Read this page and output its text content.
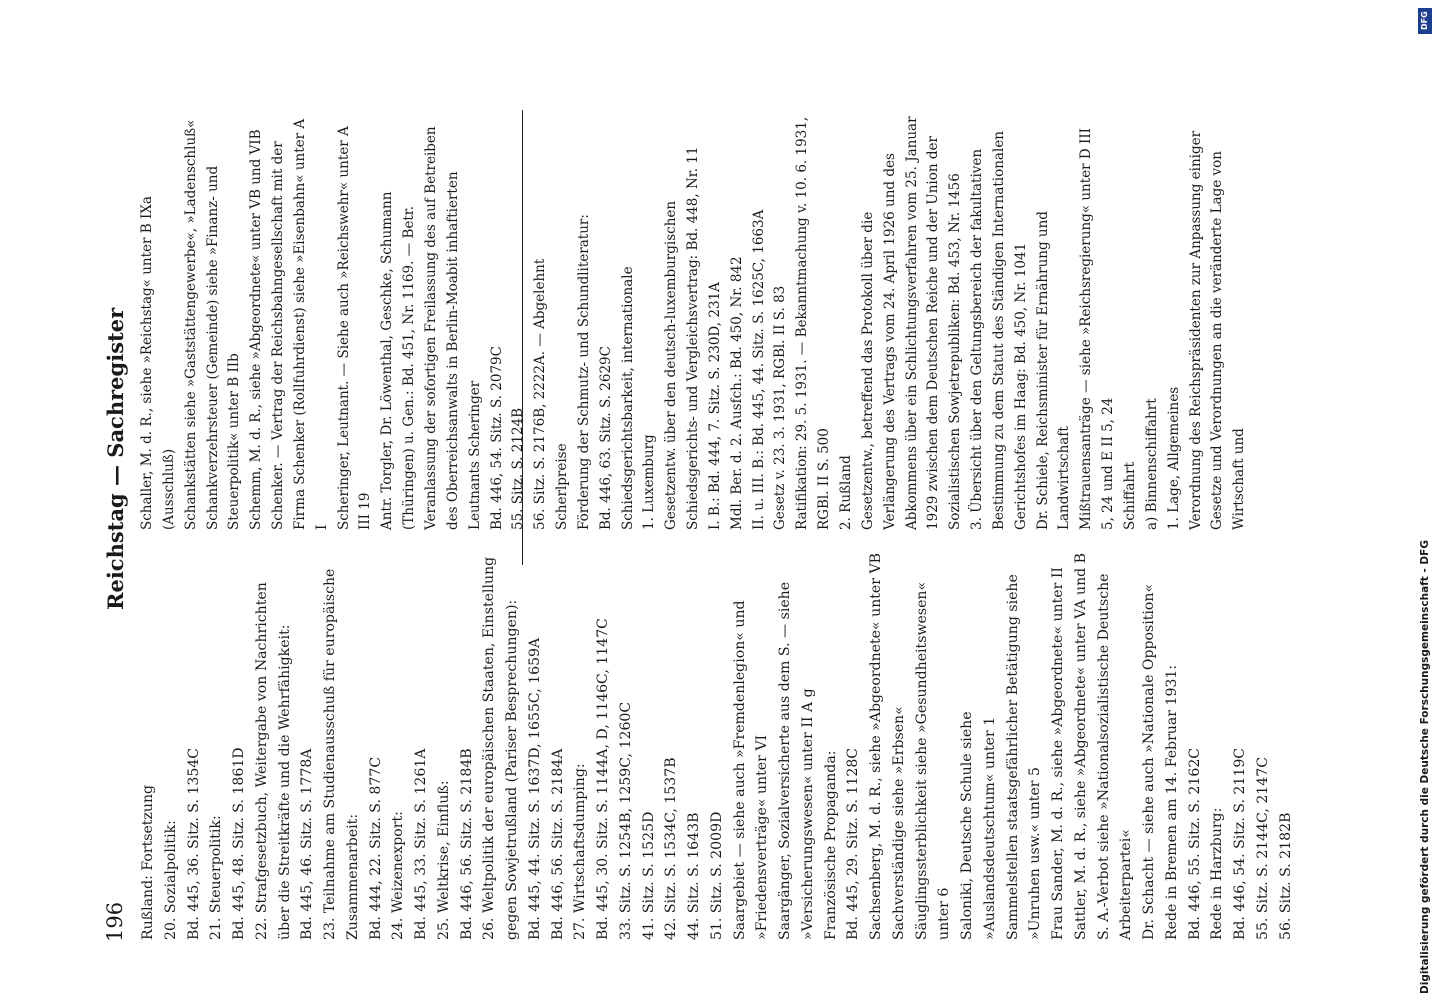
196
Reichstag — Sachregister

Rußland: Fortsetzung 20. Sozialpolitik:
Bd. 445, 36. Sitz. S. 1354C

21. Steuerpolitik:
Bd. 445, 48. Sitz. S. 1861D

22. Strafgesetzbuch, Weitergabe von Nachrichten über die Streitkräfte und die Wehrfähigkeit:
Bd. 445, 46. Sitz. S. 1778A

23. Teilnahme am Studienausschuß für europäische Zusammenarbeit:
Bd. 444, 22. Sitz. S. 877C

24. Weizenexport:
Bd. 445, 33. Sitz. S. 1261A

25. Weltkrise, Einfluß:
Bd. 446, 56. Sitz. S. 2184B

26. Weltpolitik der europäischen Staaten, Einstellung gegen Sowjetrußland (Pariser Besprechungen):
Bd. 445, 44. Sitz. S. 1637D, 1655C, 1659A
Bd. 446, 56. Sitz. S. 2184A

27. Wirtschaftsdumping:
Bd. 445, 30. Sitz. S. 1144A, D, 1146C, 1147C
33. Sitz. S. 1254B, 1259C, 1260C
41. Sitz. S. 1525D
42. Sitz. S. 1534C, 1537B
44. Sitz. S. 1643B
51. Sitz. S. 2009D

Saargebiet — siehe auch »Fremdenlegion« und »Friedensverträge« unter VI
Saargänger, Sozialversicherte aus dem S. — siehe »Versicherungswesen« unter II A g
Französische Propaganda:
Bd. 445, 29. Sitz. S. 1128C Sachsenberg, M. d. R., siehe »Abgeordnete« unter VB Sachverständige siehe »Erbsen« Säuglingssterblichkeit siehe »Gesundheitswesen« unter 6 Saloniki, Deutsche Schule siehe »Auslandsdeutschtum« unter 1 Sammelstellen staatsgefährlicher Betätigung siehe »Unruhen usw.« unter 5 Frau Sander, M. d. R., siehe »Abgeordnete« unter II Sattler, M. d. R., siehe »Abgeordnete« unter VA und B S. A.-Verbot siehe »Nationalsozialistische Deutsche Arbeiterpartei« Dr. Schacht — siehe auch »Nationale Opposition«
Rede in Bremen am 14. Februar 1931:
Bd. 446, 55. Sitz. S. 2162C
Rede in Harzburg:
Bd. 446, 54. Sitz. S. 2119C
55. Sitz. S. 2144C, 2147C
56. Sitz. S. 2182B

Schaller, M. d. R., siehe »Reichstag« unter B IXa (Ausschluß) Schankstätten siehe »Gaststättengewerbe«, »Ladenschluß« Schankverzehrsteuer (Gemeinde) siehe »Finanz- und Steuerpolitik« unter B IIb Schemm, M. d. R., siehe »Abgeordnete« unter VB und VIB Schenker. — Vertrag der Reichsbahngesellschaft mit der Firma Schenker (Rollfuhrdienst) siehe »Eisenbahn« unter A I Scheringer, Leutnant. — Siehe auch »Reichswehr« unter A III 19
Antr. Torgler, Dr. Löwenthal, Geschke, Schumann (Thüringen) u. Gen.: Bd. 451, Nr. 1169. — Betr. Veranlassung der sofortigen Freilassung des auf Betreiben des Oberreichsanwalts in Berlin-Moabit inhaftierten Leutnants Scheringer
Bd. 446, 54. Sitz. S. 2079C
55. Sitz. S. 2124B
56. Sitz. S. 2176B, 2222A. — Abgelehnt

Scherlpreise
Förderung der Schmutz- und Schundliteratur:
Bd. 446, 63. Sitz. S. 2629C Schiedsgerichtsbarkeit, internationale 1. Luxemburg
Gesetzentw. über den deutsch-luxemburgischen Schiedsgerichts- und Vergleichsvertrag: Bd. 448, Nr. 11
I. B.: Bd. 444, 7. Sitz. S. 230D, 231A
Mdl. Ber. d. 2. Ausfch.: Bd. 450, Nr. 842
II. u. III. B.: Bd. 445, 44. Sitz. S. 1625C, 1663A
Gesetz v. 23. 3. 1931, RGBl. II S. 83
Ratifikation: 29. 5. 1931. — Bekanntmachung v. 10. 6. 1931, RGBl. II S. 500

2. Rußland
Gesetzentw., betreffend das Protokoll über die Verlängerung des Vertrags vom 24. April 1926 und des Abkommens über ein Schlichtungsverfahren vom 25. Januar 1929 zwischen dem Deutschen Reiche und der Union der Sozialistischen Sowjetrepubliken: Bd. 453, Nr. 1456 3. Übersicht über den Geltungsbereich der fakultativen Bestimmung zu dem Statut des Ständigen Internationalen Gerichtshofes im Haag: Bd. 450, Nr. 1041 Dr. Schiele, Reichsminister für Ernährung und Landwirtschaft
Mißtrauensanträge — siehe »Reichsregierung« unter D III 5, 24 und E II 5, 24

Schiffahrt
a) Binnenschiffahrt
1. Lage, Allgemeines
Verordnung des Reichspräsidenten zur Anpassung einiger Gesetze und Verordnungen an die veränderte Lage von Wirtschaft und

DFG
Digitalisierung gefördert durch die Deutsche Forschungsgemeinschaft - DFG
